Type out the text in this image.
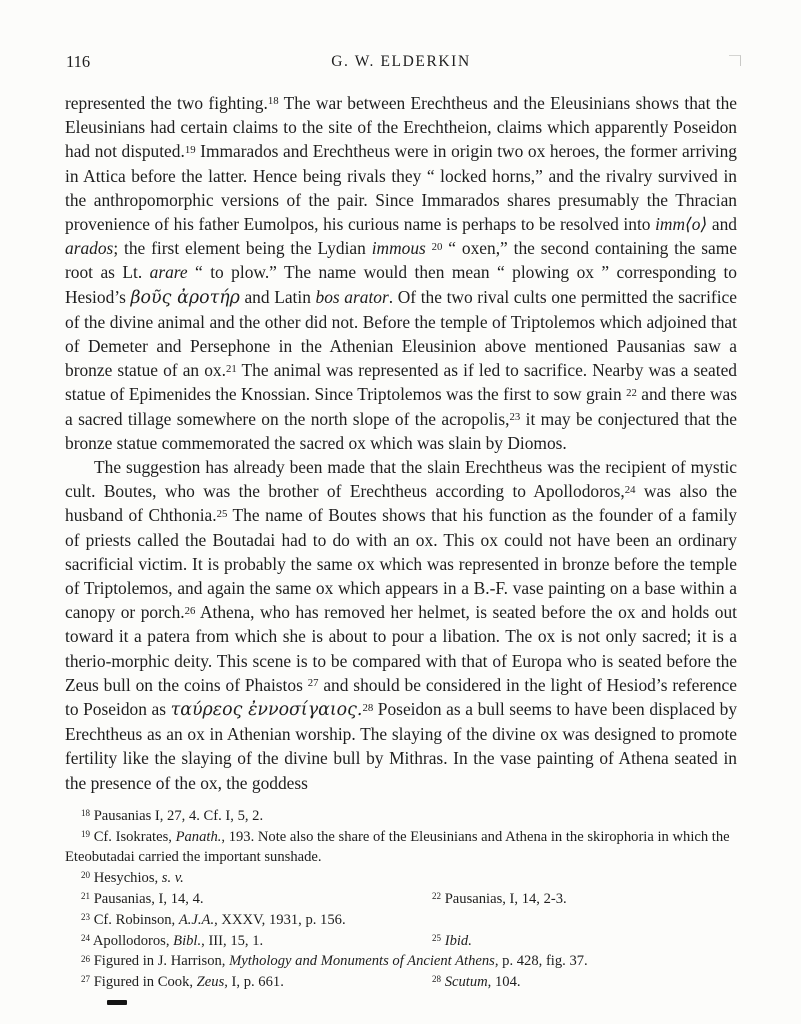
116	G. W. ELDERKIN

represented the two fighting.$^{18}$ The war between Erechtheus and the Eleusinians shows that the Eleusinians had certain claims to the site of the Erechtheion, claims which apparently Poseidon had not disputed.$^{19}$ Immarados and Erechtheus were in origin two ox heroes, the former arriving in Attica before the latter. Hence being rivals they “ locked horns,” and the rivalry survived in the anthropomorphic versions of the pair. Since Immarados shares presumably the Thracian provenience of his father Eumolpos, his curious name is perhaps to be resolved into imm⟨o⟩ and arados; the first element being the Lydian immous $^{20}$ “ oxen,” the second containing the same root as Lt. arare “ to plow.” The name would then mean “ plowing ox ” corresponding to Hesiod’s βοῦς ἀροτήρ and Latin bos arator. Of the two rival cults one permitted the sacrifice of the divine animal and the other did not. Before the temple of Triptolemos which adjoined that of Demeter and Persephone in the Athenian Eleusinion above mentioned Pausanias saw a bronze statue of an ox.$^{21}$ The animal was represented as if led to sacrifice. Nearby was a seated statue of Epimenides the Knossian. Since Triptolemos was the first to sow grain $^{22}$ and there was a sacred tillage somewhere on the north slope of the acropolis,$^{23}$ it may be conjectured that the bronze statue commemorated the sacred ox which was slain by Diomos.

The suggestion has already been made that the slain Erechtheus was the recipient of mystic cult. Boutes, who was the brother of Erechtheus according to Apollodoros,$^{24}$ was also the husband of Chthonia.$^{25}$ The name of Boutes shows that his function as the founder of a family of priests called the Boutadai had to do with an ox. This ox could not have been an ordinary sacrificial victim. It is probably the same ox which was represented in bronze before the temple of Triptolemos, and again the same ox which appears in a B.-F. vase painting on a base within a canopy or porch.$^{26}$ Athena, who has removed her helmet, is seated before the ox and holds out toward it a patera from which she is about to pour a libation. The ox is not only sacred; it is a therio-morphic deity. This scene is to be compared with that of Europa who is seated before the Zeus bull on the coins of Phaistos $^{27}$ and should be considered in the light of Hesiod’s reference to Poseidon as ταύρεος ἐννοσίγαιος.$^{28}$ Poseidon as a bull seems to have been displaced by Erechtheus as an ox in Athenian worship. The slaying of the divine ox was designed to promote fertility like the slaying of the divine bull by Mithras. In the vase painting of Athena seated in the presence of the ox, the goddess

$^{18}$ Pausanias I, 27, 4. Cf. I, 5, 2.
$^{19}$ Cf. Isokrates, Panath., 193. Note also the share of the Eleusinians and Athena in the skirophoria in which the Eteobutadai carried the important sunshade.
$^{20}$ Hesychios, s. v.
$^{21}$ Pausanias, I, 14, 4.	$^{22}$ Pausanias, I, 14, 2-3.
$^{23}$ Cf. Robinson, A.J.A., XXXV, 1931, p. 156.
$^{24}$ Apollodoros, Bibl., III, 15, 1.	$^{25}$ Ibid.
$^{26}$ Figured in J. Harrison, Mythology and Monuments of Ancient Athens, p. 428, fig. 37.
$^{27}$ Figured in Cook, Zeus, I, p. 661.	$^{28}$ Scutum, 104.
